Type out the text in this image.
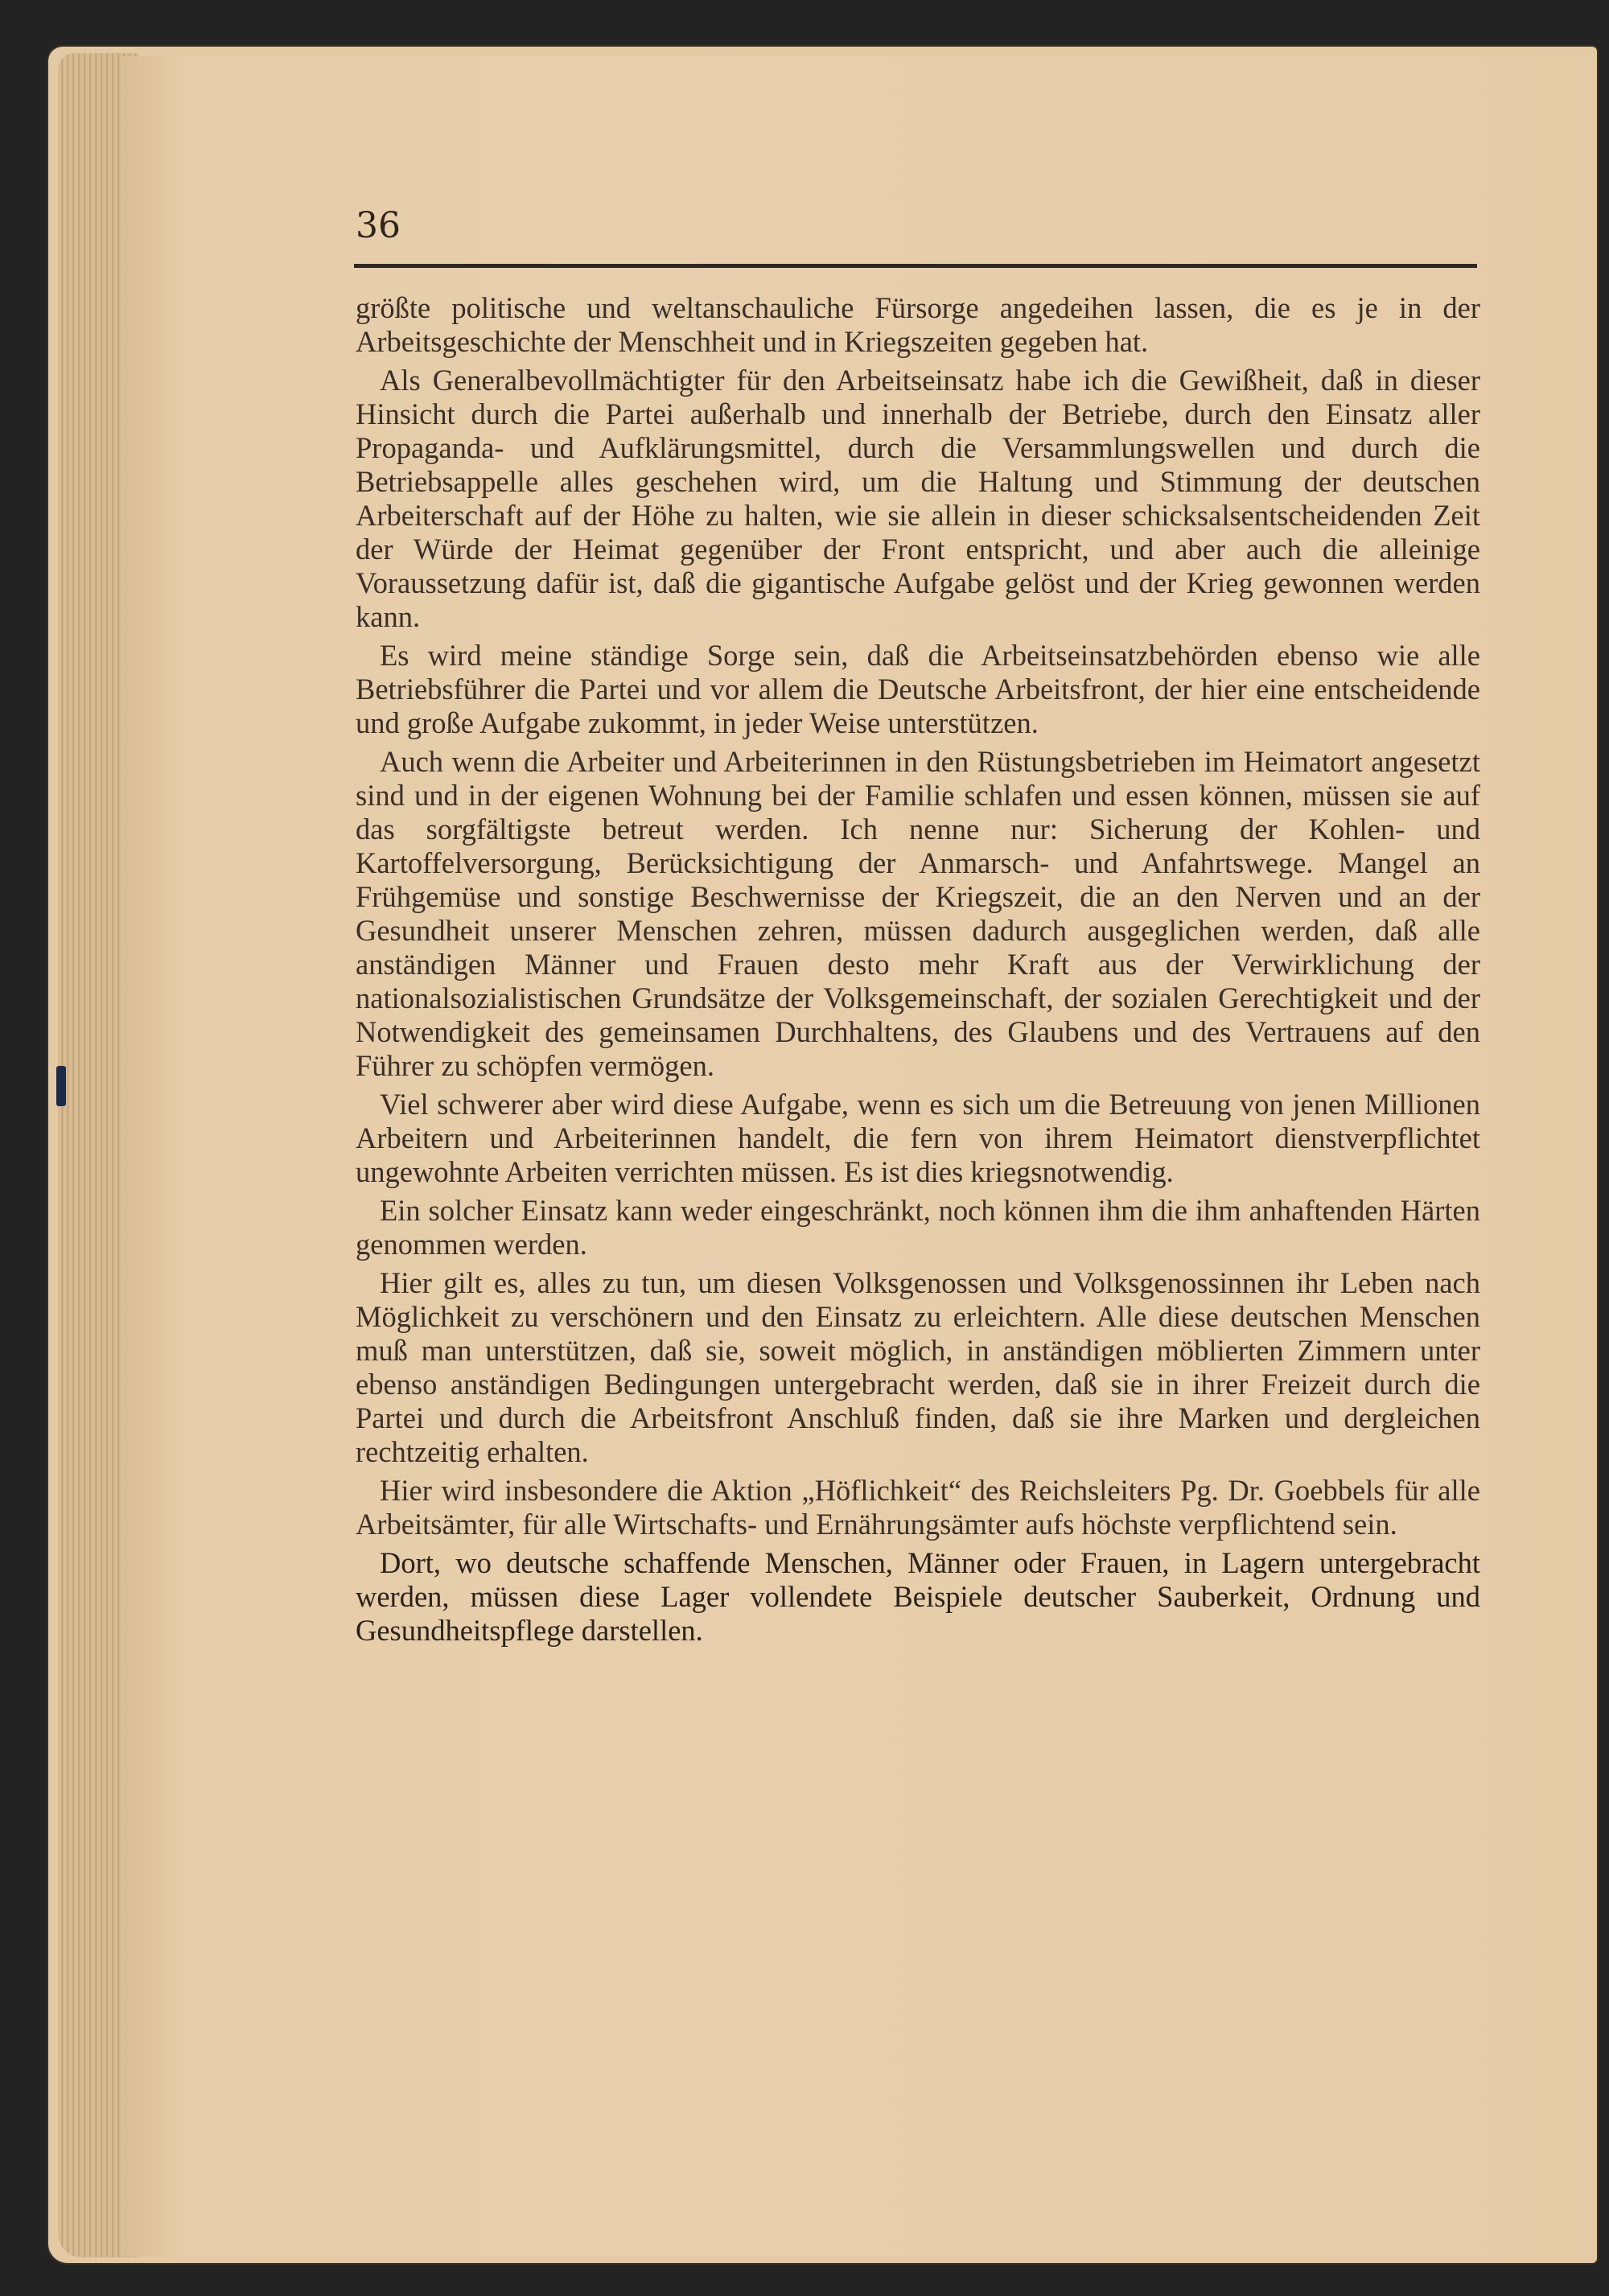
36

größte politische und weltanschauliche Fürsorge angedeihen lassen, die es je in der Arbeitsgeschichte der Menschheit und in Kriegszeiten gegeben hat.

Als Generalbevollmächtigter für den Arbeitseinsatz habe ich die Gewißheit, daß in dieser Hinsicht durch die Partei außerhalb und innerhalb der Betriebe, durch den Einsatz aller Propaganda- und Aufklärungsmittel, durch die Versammlungswellen und durch die Betriebsappelle alles geschehen wird, um die Haltung und Stimmung der deutschen Arbeiterschaft auf der Höhe zu halten, wie sie allein in dieser schicksalsentscheidenden Zeit der Würde der Heimat gegenüber der Front entspricht, und aber auch die alleinige Voraussetzung dafür ist, daß die gigantische Aufgabe gelöst und der Krieg gewonnen werden kann.

Es wird meine ständige Sorge sein, daß die Arbeitseinsatzbehörden ebenso wie alle Betriebsführer die Partei und vor allem die Deutsche Arbeitsfront, der hier eine entscheidende und große Aufgabe zukommt, in jeder Weise unterstützen.

Auch wenn die Arbeiter und Arbeiterinnen in den Rüstungsbetrieben im Heimatort angesetzt sind und in der eigenen Wohnung bei der Familie schlafen und essen können, müssen sie auf das sorgfältigste betreut werden. Ich nenne nur: Sicherung der Kohlen- und Kartoffelversorgung, Berücksichtigung der Anmarsch- und Anfahrtswege. Mangel an Frühgemüse und sonstige Beschwernisse der Kriegszeit, die an den Nerven und an der Gesundheit unserer Menschen zehren, müssen dadurch ausgeglichen werden, daß alle anständigen Männer und Frauen desto mehr Kraft aus der Verwirklichung der nationalsozialistischen Grundsätze der Volksgemeinschaft, der sozialen Gerechtigkeit und der Notwendigkeit des gemeinsamen Durchhaltens, des Glaubens und des Vertrauens auf den Führer zu schöpfen vermögen.

Viel schwerer aber wird diese Aufgabe, wenn es sich um die Betreuung von jenen Millionen Arbeitern und Arbeiterinnen handelt, die fern von ihrem Heimatort dienstverpflichtet ungewohnte Arbeiten verrichten müssen. Es ist dies kriegsnotwendig.

Ein solcher Einsatz kann weder eingeschränkt, noch können ihm die ihm anhaftenden Härten genommen werden.

Hier gilt es, alles zu tun, um diesen Volksgenossen und Volksgenossinnen ihr Leben nach Möglichkeit zu verschönern und den Einsatz zu erleichtern. Alle diese deutschen Menschen muß man unterstützen, daß sie, soweit möglich, in anständigen möblierten Zimmern unter ebenso anständigen Bedingungen untergebracht werden, daß sie in ihrer Freizeit durch die Partei und durch die Arbeitsfront Anschluß finden, daß sie ihre Marken und dergleichen rechtzeitig erhalten.

Hier wird insbesondere die Aktion „Höflichkeit“ des Reichsleiters Pg. Dr. Goebbels für alle Arbeitsämter, für alle Wirtschafts- und Ernährungsämter aufs höchste verpflichtend sein.

Dort, wo deutsche schaffende Menschen, Männer oder Frauen, in Lagern untergebracht werden, müssen diese Lager vollendete Beispiele deutscher Sauberkeit, Ordnung und Gesundheitspflege darstellen.
